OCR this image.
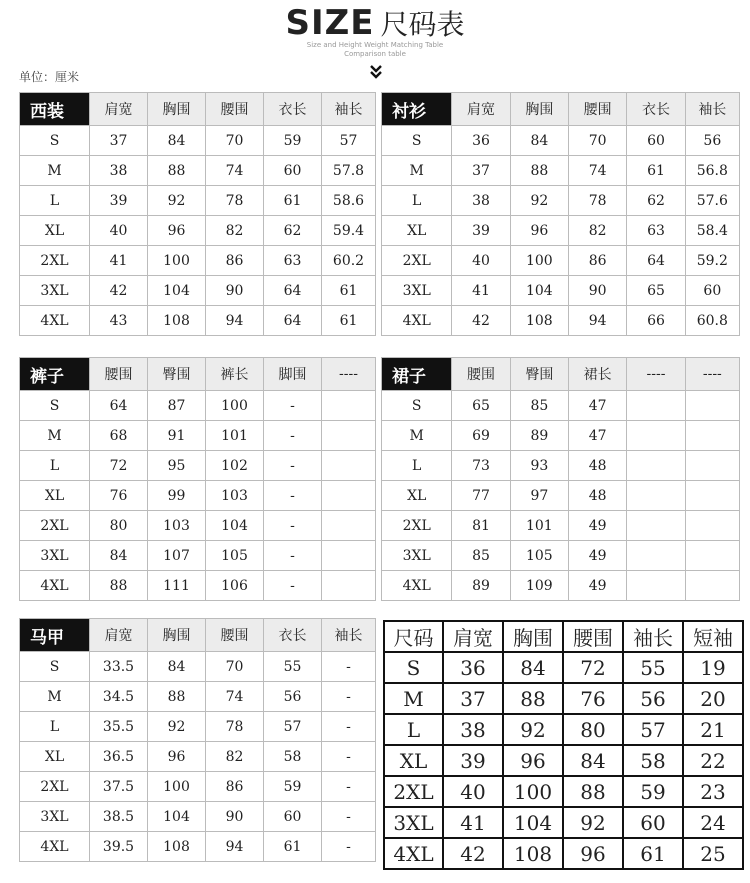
SIZE 尺码表
Size and Height Weight Matching Table
Comparison table
单位：厘米
西装	肩宽	胸围	腰围	衣长	袖长
S	37	84	70	59	57
M	38	88	74	60	57.8
L	39	92	78	61	58.6
XL	40	96	82	62	59.4
2XL	41	100	86	63	60.2
3XL	42	104	90	64	61
4XL	43	108	94	64	61
衬衫	肩宽	胸围	腰围	衣长	袖长
S	36	84	70	60	56
M	37	88	74	61	56.8
L	38	92	78	62	57.6
XL	39	96	82	63	58.4
2XL	40	100	86	64	59.2
3XL	41	104	90	65	60
4XL	42	108	94	66	60.8
裤子	腰围	臀围	裤长	脚围	----
S	64	87	100	-	
M	68	91	101	-	
L	72	95	102	-	
XL	76	99	103	-	
2XL	80	103	104	-	
3XL	84	107	105	-	
4XL	88	111	106	-	
裙子	腰围	臀围	裙长	----	----
S	65	85	47		
M	69	89	47		
L	73	93	48		
XL	77	97	48		
2XL	81	101	49		
3XL	85	105	49		
4XL	89	109	49		
马甲	肩宽	胸围	腰围	衣长	袖长
S	33.5	84	70	55	-
M	34.5	88	74	56	-
L	35.5	92	78	57	-
XL	36.5	96	82	58	-
2XL	37.5	100	86	59	-
3XL	38.5	104	90	60	-
4XL	39.5	108	94	61	-
尺码	肩宽	胸围	腰围	袖长	短袖
S	36	84	72	55	19
M	37	88	76	56	20
L	38	92	80	57	21
XL	39	96	84	58	22
2XL	40	100	88	59	23
3XL	41	104	92	60	24
4XL	42	108	96	61	25
